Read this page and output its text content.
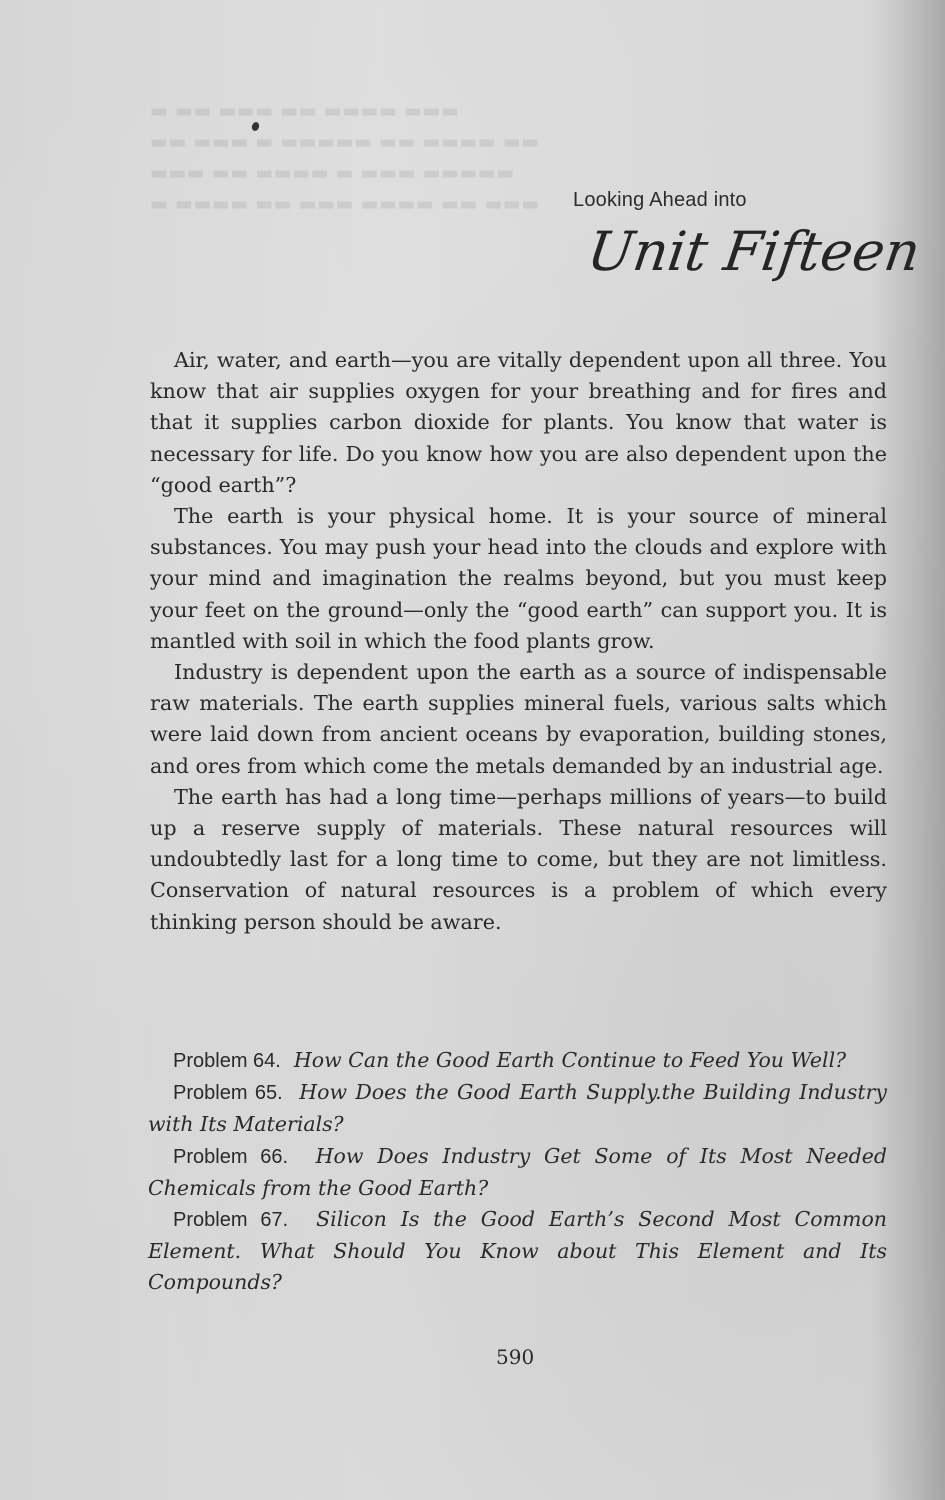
▬ ▬▬ ▬▬▬ ▬▬ ▬▬▬▬ ▬▬▬
▬▬ ▬▬▬ ▬ ▬▬▬▬▬ ▬▬ ▬▬▬▬ ▬▬
▬▬▬ ▬▬ ▬▬▬▬ ▬ ▬▬▬ ▬▬▬▬▬
▬ ▬▬▬▬ ▬▬ ▬▬▬ ▬▬▬▬ ▬▬ ▬▬▬	Looking Ahead into
Unit Fifteen

Air, water, and earth—you are vitally dependent upon all three. You know that air supplies oxygen for your breathing and for fires and that it supplies carbon dioxide for plants. You know that water is necessary for life. Do you know how you are also dependent upon the “good earth”?

The earth is your physical home. It is your source of mineral substances. You may push your head into the clouds and explore with your mind and imagination the realms beyond, but you must keep your feet on the ground—only the “good earth” can support you. It is mantled with soil in which the food plants grow.

Industry is dependent upon the earth as a source of indispensable raw materials. The earth supplies mineral fuels, various salts which were laid down from ancient oceans by evaporation, building stones, and ores from which come the metals demanded by an industrial age.

The earth has had a long time—perhaps millions of years—to build up a reserve supply of materials. These natural resources will undoubtedly last for a long time to come, but they are not limitless. Conservation of natural resources is a problem of which every thinking person should be aware.

Problem 64. How Can the Good Earth Continue to Feed You Well?

Problem 65. How Does the Good Earth Supply.the Building Industry with Its Materials?

Problem 66. How Does Industry Get Some of Its Most Needed Chemicals from the Good Earth?

Problem 67. Silicon Is the Good Earth’s Second Most Common Element. What Should You Know about This Element and Its Compounds?

590
